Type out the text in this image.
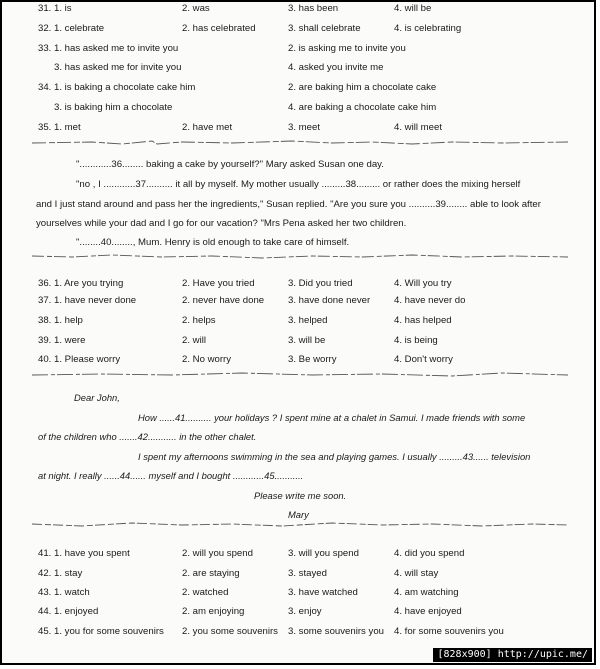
31. 1. is	2. was	3. has been	4. will be
32. 1. celebrate	2. has celebrated	3. shall celebrate	4. is celebrating
33. 1. has asked me to invite you	2. is asking me to invite you
3. has asked me for invite you	4. asked you invite me
34. 1. is baking a chocolate cake him	2. are baking him a chocolate cake
3. is baking him a chocolate	4. are baking a chocolate cake him
35. 1. met	2. have met	3. meet	4. will meet
"............36........ baking a cake by yourself?" Mary asked Susan one day.
"no , I ............37.......... it all by myself. My mother usually .........38......... or rather does the mixing herself
and I just stand around and pass her the ingredients," Susan replied. "Are you sure you ..........39........ able to look after
yourselves while your dad and I go for our vacation? "Mrs Pena asked her two children.
"........40........, Mum. Henry is old enough to take care of himself.
36. 1. Are you trying	2. Have you tried	3. Did you tried	4. Will you try
37. 1. have never done	2. never have done 3. have done never 4. have never do
38. 1. help	2. helps	3. helped	4. has helped
39. 1. were	2. will	3. will be	4. is being
40. 1. Please worry	2. No worry	3. Be worry	4. Don't worry
Dear John,
How ......41.......... your holidays ? I spent mine at a chalet in Samui. I made friends with some
of the children who .......42........... in the other chalet.
I spent my afternoons swimming in the sea and playing games. I usually .........43...... television
at night. I really ......44...... myself and I bought ............45...........
Please write me soon.
Mary
41. 1. have you spent	2. will you spend	3. will you spend	4. did you spend
42. 1. stay	2. are staying	3. stayed	4. will stay
43. 1. watch	2. watched	3. have watched	4. am watching
44. 1. enjoyed	2. am enjoying	3. enjoy	4. have enjoyed
45. 1. you for some souvenirs 2. you some souvenirs 3. some souvenirs you 4. for some souvenirs you
[828x900] http://upic.me/
